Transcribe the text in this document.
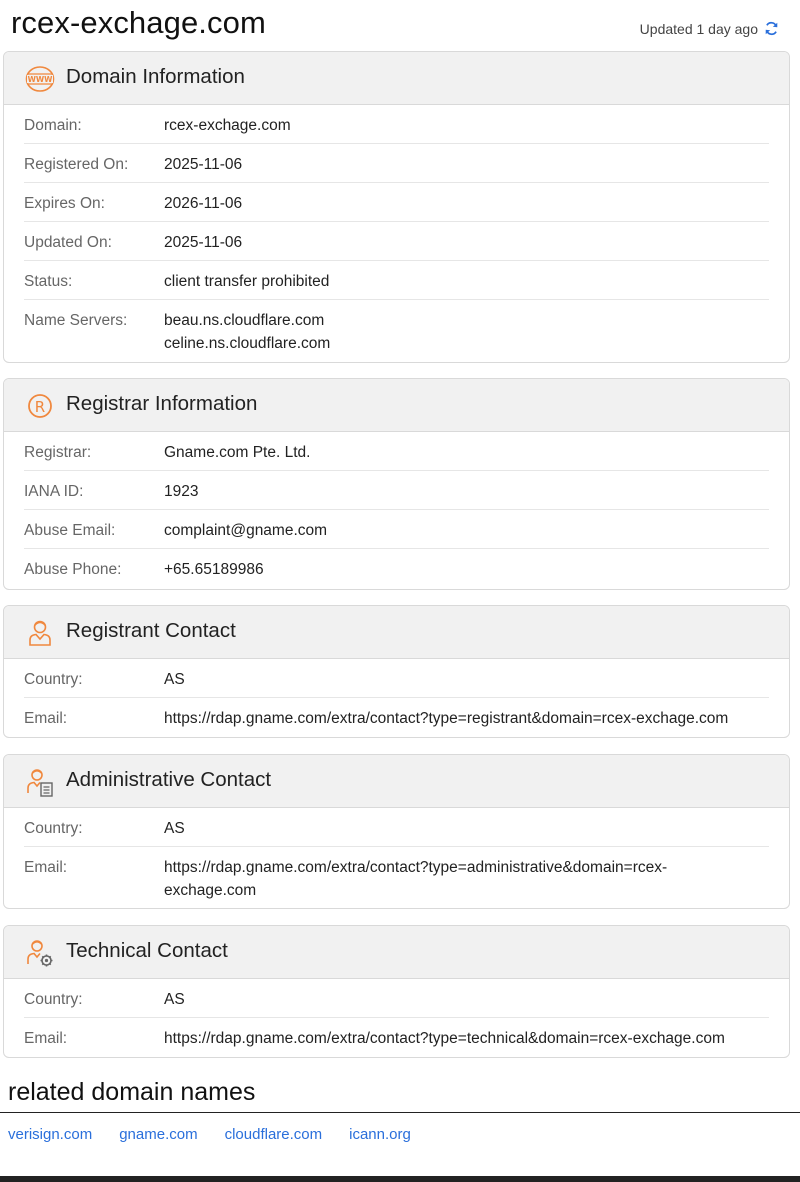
rcex-exchage.com	Updated 1 day ago
WWW Domain Information
Domain:	rcex-exchage.com
Registered On:	2025-11-06
Expires On:	2026-11-06
Updated On:	2025-11-06
Status:	client transfer prohibited
Name Servers:	beau.ns.cloudflare.com
celine.ns.cloudflare.com
R Registrar Information
Registrar:	Gname.com Pte. Ltd.
IANA ID:	1923
Abuse Email:	complaint@gname.com
Abuse Phone:	+65.65189986
Registrant Contact
Country:	AS
Email:	https://rdap.gname.com/extra/contact?type=registrant&domain=rcex-exchage.com
Administrative Contact
Country:	AS
Email:	https://rdap.gname.com/extra/contact?type=administrative&domain=rcex-
exchage.com
Technical Contact
Country:	AS
Email:	https://rdap.gname.com/extra/contact?type=technical&domain=rcex-exchage.com
related domain names
verisign.com gname.com cloudflare.com icann.org
